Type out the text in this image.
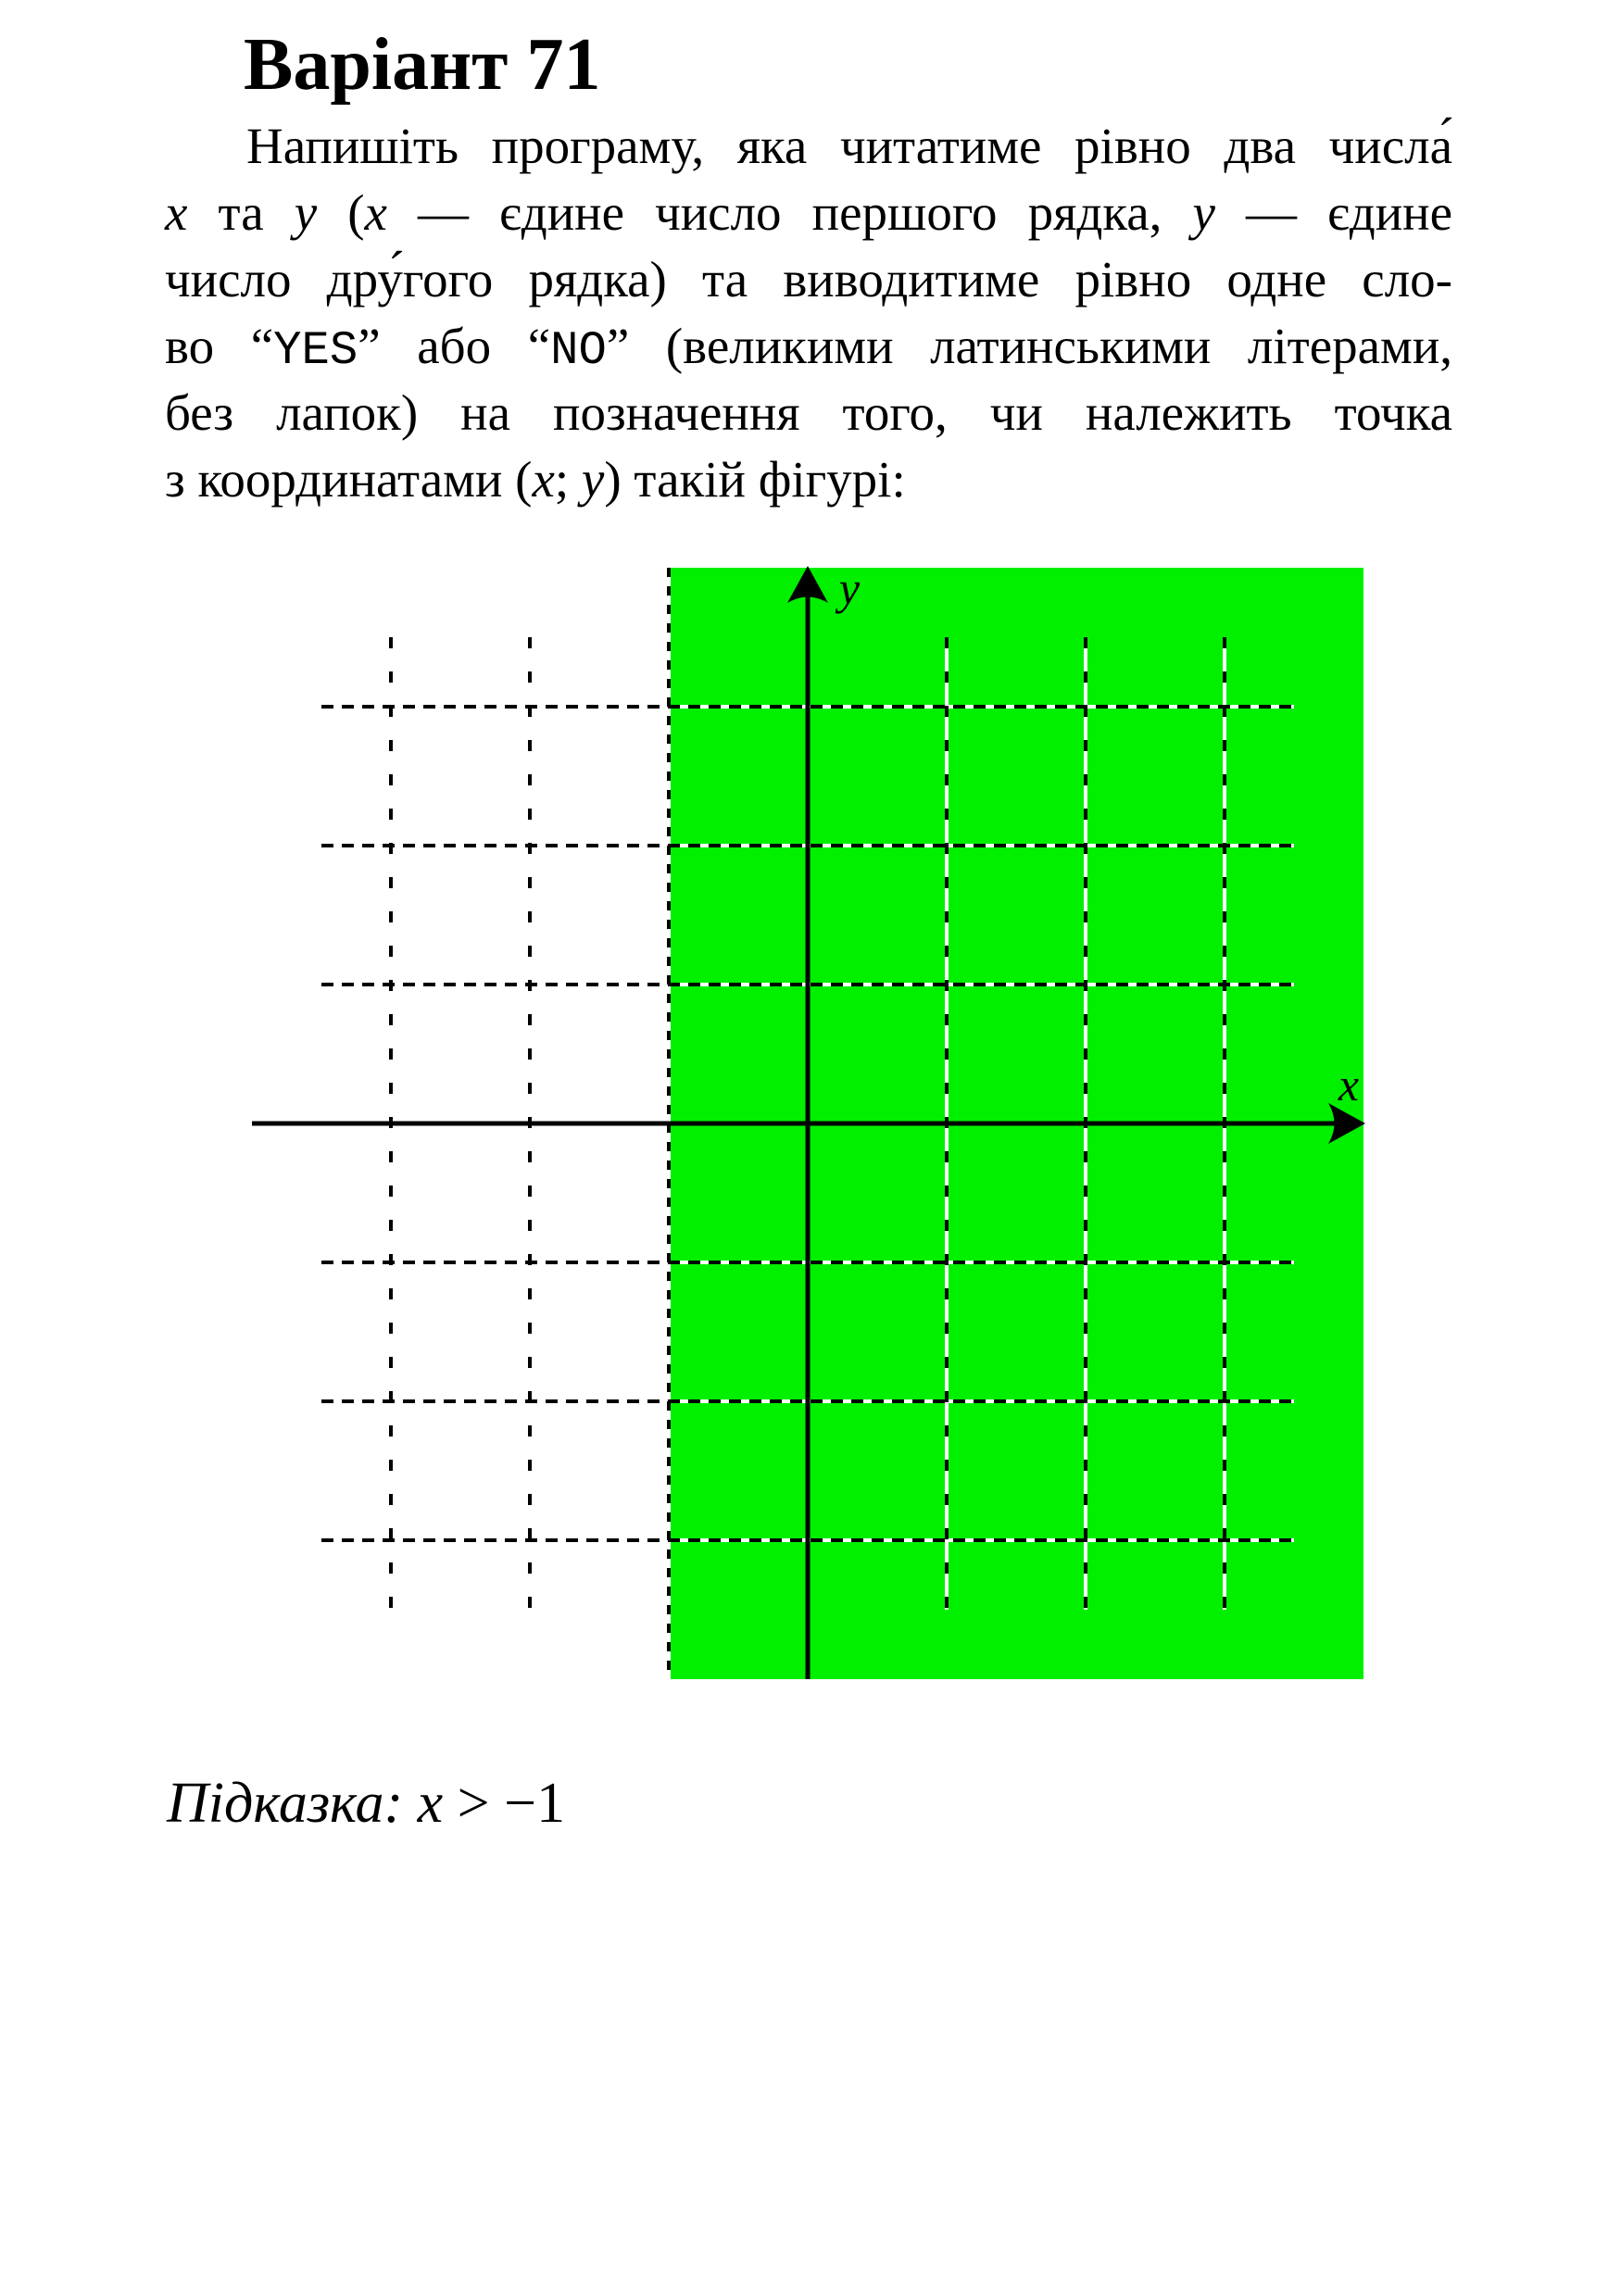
Варіант 71
Напишіть програму, яка читатиме рівно два числа́
x та y (x — єдине число першого рядка, y — єдине
число дру́гого рядка) та виводитиме рівно одне сло-
во “YES” або “NO” (великими латинськими літерами,
без лапок) на позначення того, чи належить точка
з координатами (x; y) такій фігурі:
x
y
Підказка: x > −1
